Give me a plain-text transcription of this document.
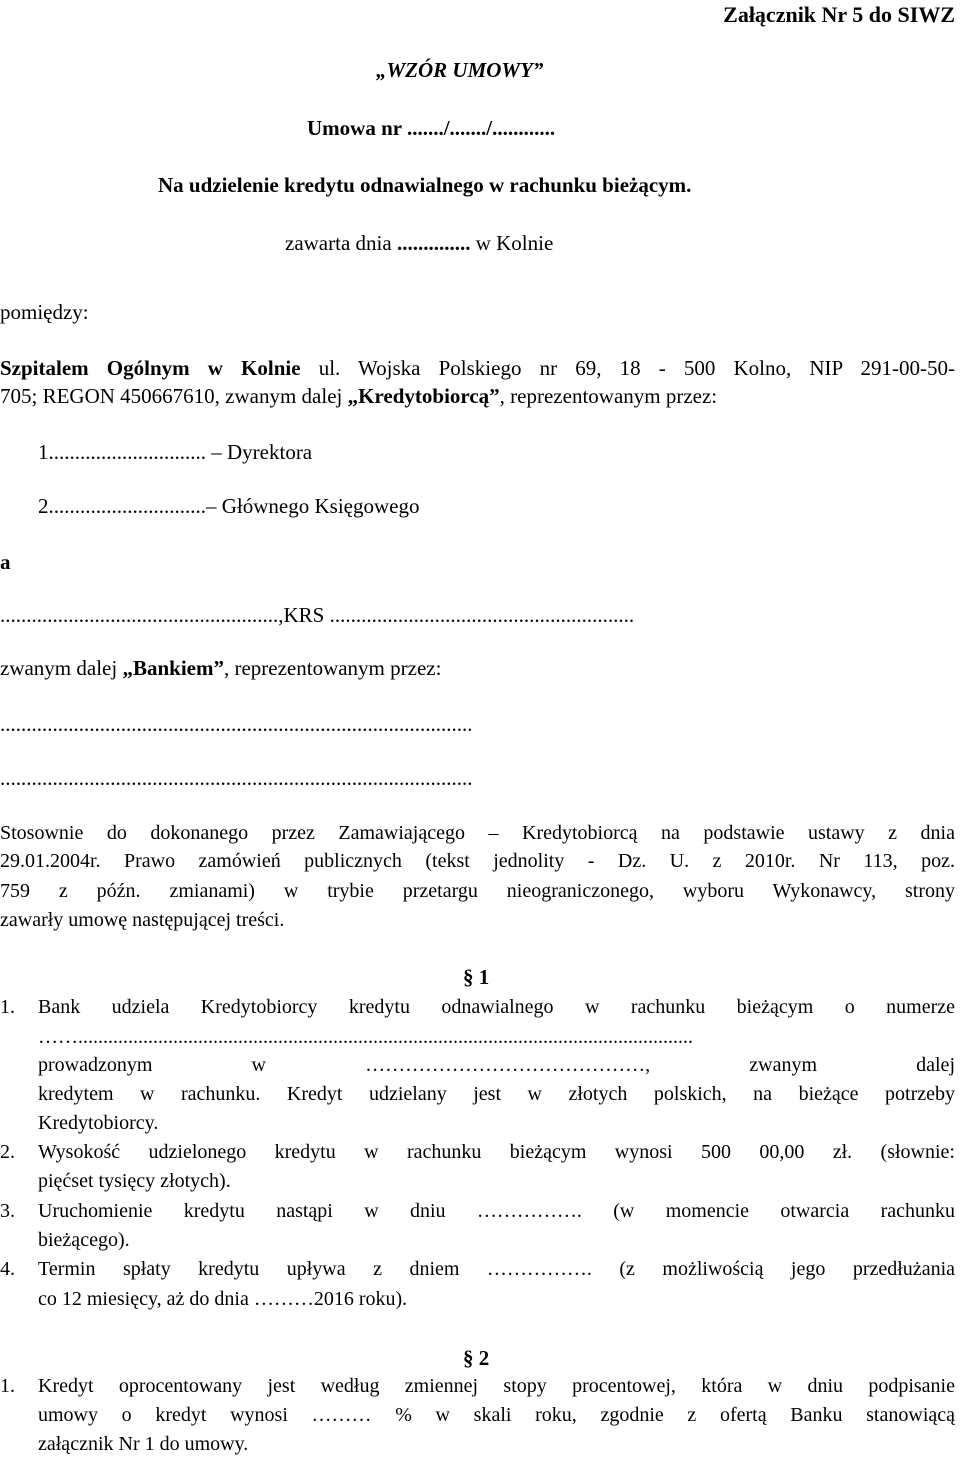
Załącznik Nr 5 do SIWZ
„WZÓR UMOWY”
Umowa nr ......./......./............
Na udzielenie kredytu odnawialnego w rachunku bieżącym.
zawarta dnia .............. w Kolnie
pomiędzy:
Szpitalem Ogólnym w Kolnie ul. Wojska Polskiego nr 69, 18 - 500 Kolno, NIP 291-00-50-
705; REGON 450667610, zwanym dalej „Kredytobiorcą”, reprezentowanym przez:
1.............................. – Dyrektora
2..............................– Głównego Księgowego
a
.....................................................,KRS ..........................................................
zwanym dalej „Bankiem”, reprezentowanym przez:
..........................................................................................
..........................................................................................
Stosownie do dokonanego przez Zamawiającego – Kredytobiorcą na podstawie ustawy z dnia
29.01.2004r. Prawo zamówień publicznych (tekst jednolity - Dz. U. z 2010r. Nr 113, poz.
759 z późn. zmianami) w trybie przetargu nieograniczonego, wyboru Wykonawcy, strony
zawarły umowę następującej treści.
§ 1
1. Bank udziela Kredytobiorcy kredytu odnawialnego w rachunku bieżącym o numerze
……...........................................................................................................................
prowadzonym w ……………………………………, zwanym dalej
kredytem w rachunku. Kredyt udzielany jest w złotych polskich, na bieżące potrzeby
Kredytobiorcy.
2. Wysokość udzielonego kredytu w rachunku bieżącym wynosi 500 00,00 zł. (słownie:
pięćset tysięcy złotych).
3. Uruchomienie kredytu nastąpi w dniu ……………. (w momencie otwarcia rachunku
bieżącego).
4. Termin spłaty kredytu upływa z dniem ……………. (z możliwością jego przedłużania
co 12 miesięcy, aż do dnia ………2016 roku).
§ 2
1. Kredyt oprocentowany jest według zmiennej stopy procentowej, która w dniu podpisanie
umowy o kredyt wynosi ……… % w skali roku, zgodnie z ofertą Banku stanowiącą
załącznik Nr 1 do umowy.
